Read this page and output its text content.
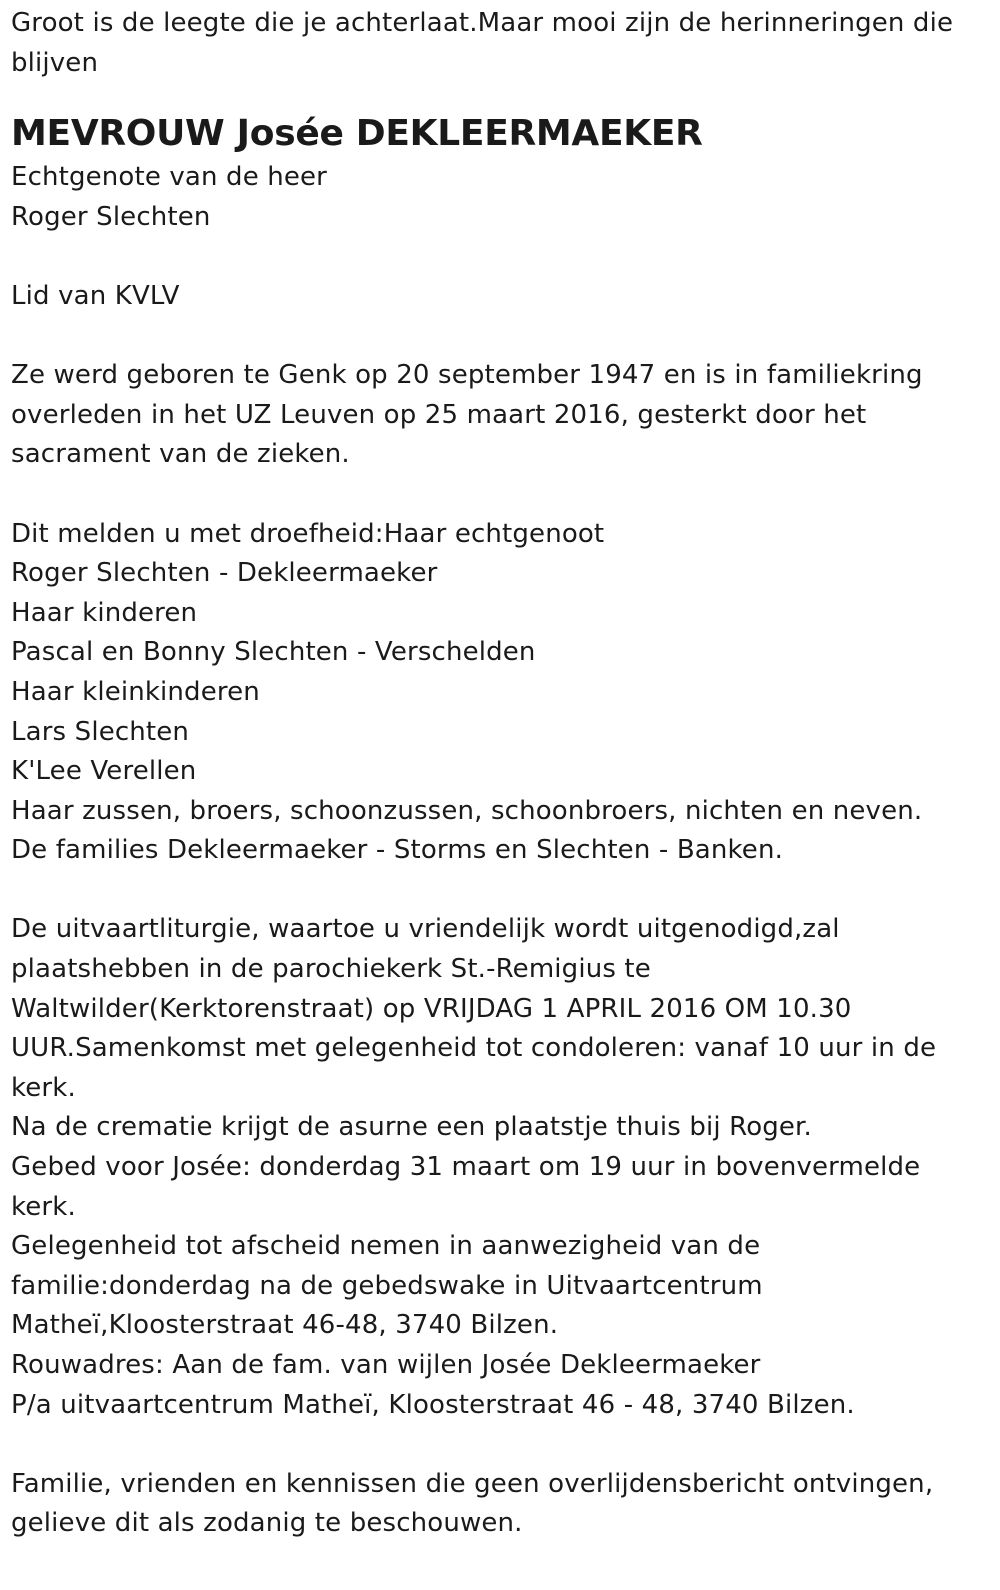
Groot is de leegte die je achterlaat.Maar mooi zijn de herinneringen die blijven

MEVROUW Josée DEKLEERMAEKER

Echtgenote van de heer

Roger Slechten

Lid van KVLV

Ze werd geboren te Genk op 20 september 1947 en is in familiekring overleden in het UZ Leuven op 25 maart 2016, gesterkt door het sacrament van de zieken.

Dit melden u met droefheid:Haar echtgenoot

Roger Slechten - Dekleermaeker

Haar kinderen

Pascal en Bonny Slechten - Verschelden

Haar kleinkinderen

Lars Slechten

K'Lee Verellen

Haar zussen, broers, schoonzussen, schoonbroers, nichten en neven.

De families Dekleermaeker - Storms en Slechten - Banken.

De uitvaartliturgie, waartoe u vriendelijk wordt uitgenodigd,zal plaatshebben in de parochiekerk St.-Remigius te Waltwilder(Kerktorenstraat) op VRIJDAG 1 APRIL 2016 OM 10.30 UUR.Samenkomst met gelegenheid tot condoleren: vanaf 10 uur in de kerk.

Na de crematie krijgt de asurne een plaatstje thuis bij Roger.

Gebed voor Josée: donderdag 31 maart om 19 uur in bovenvermelde kerk.

Gelegenheid tot afscheid nemen in aanwezigheid van de familie:donderdag na de gebedswake in Uitvaartcentrum Matheï,Kloosterstraat 46-48, 3740 Bilzen.

Rouwadres: Aan de fam. van wijlen Josée Dekleermaeker

P/a uitvaartcentrum Matheï, Kloosterstraat 46 - 48, 3740 Bilzen.

Familie, vrienden en kennissen die geen overlijdensbericht ontvingen, gelieve dit als zodanig te beschouwen.
